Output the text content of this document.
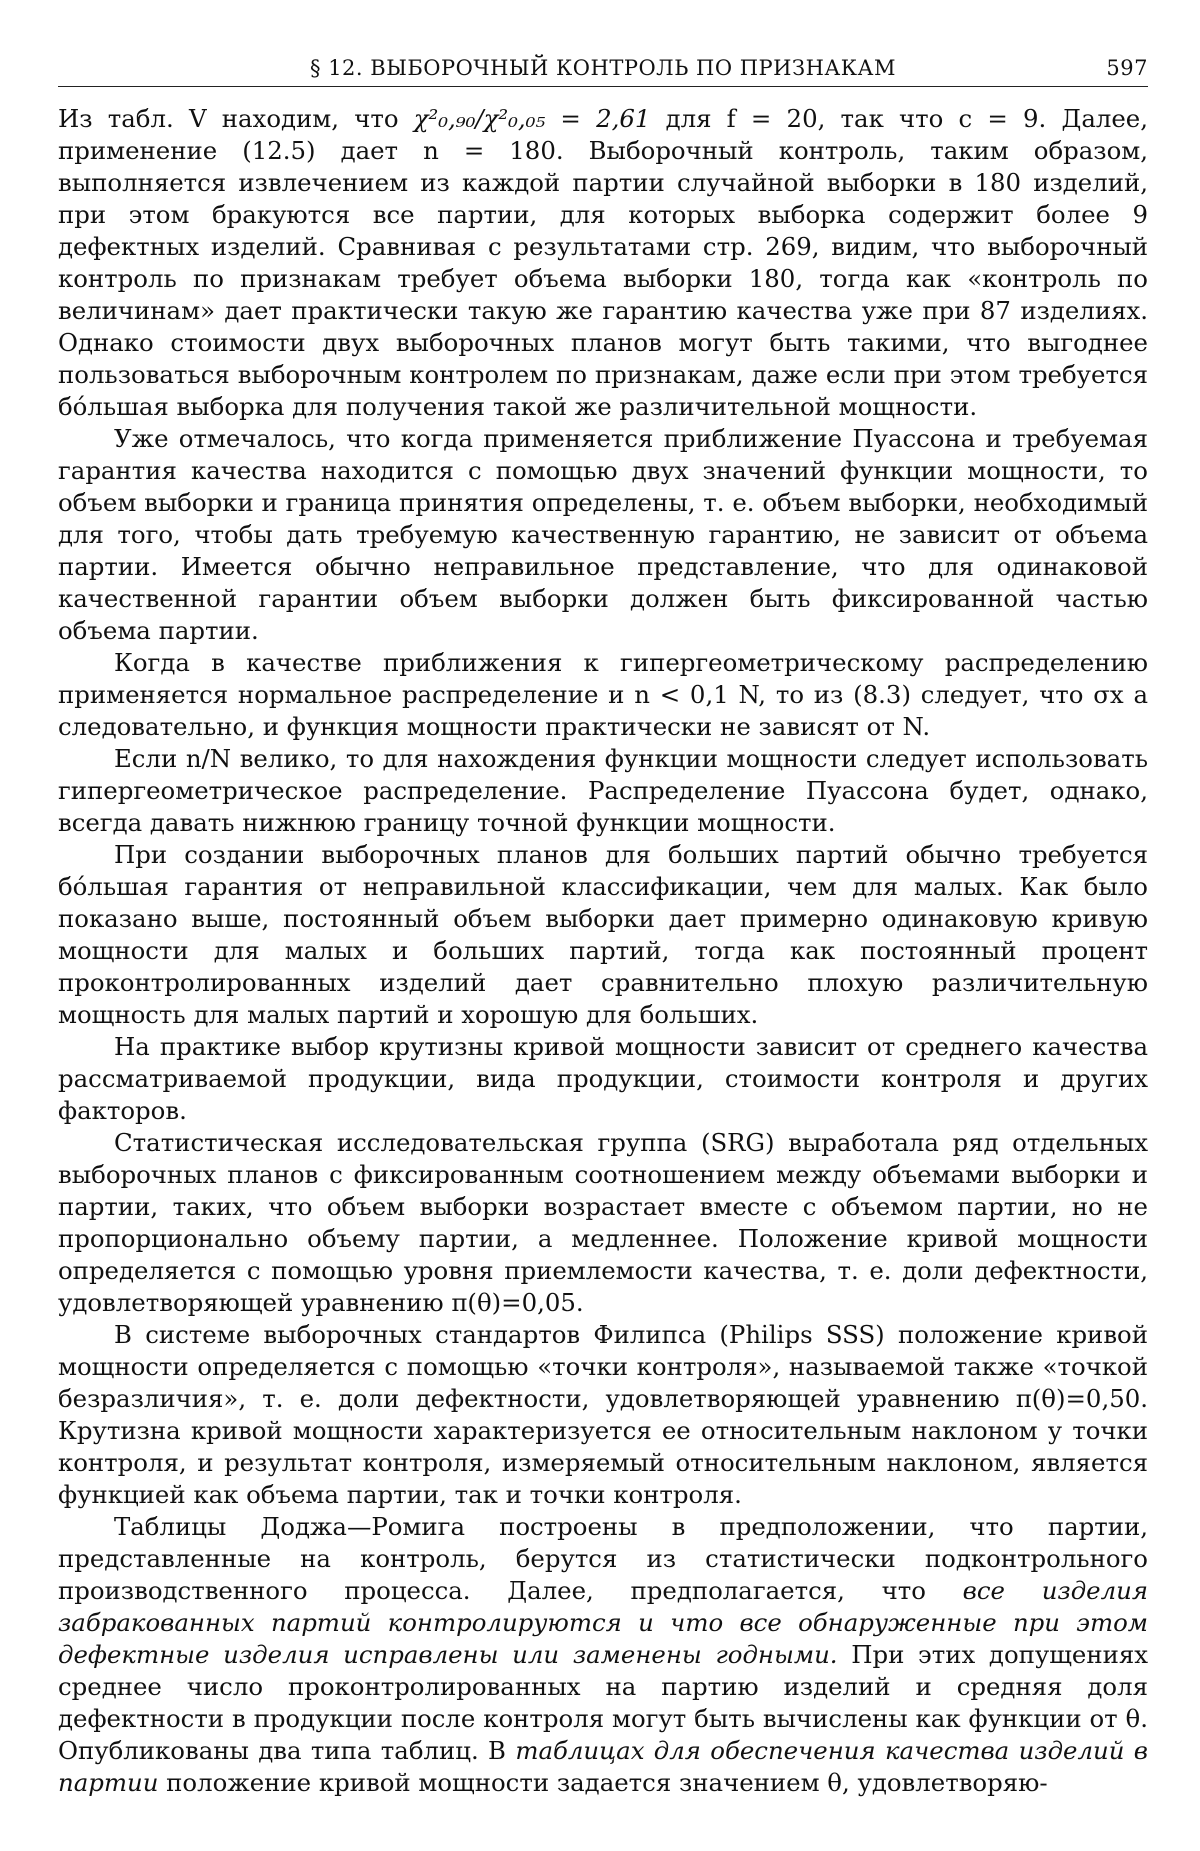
§ 12. ВЫБОРОЧНЫЙ КОНТРОЛЬ ПО ПРИЗНАКАМ	597

Из табл. V находим, что χ²₀,₉₀/χ²₀,₀₅ = 2,61 для f = 20, так что c = 9. Далее, применение (12.5) дает n = 180. Выборочный контроль, таким образом, выполняется извлечением из каждой партии случайной выборки в 180 изделий, при этом бракуются все партии, для которых выборка содержит более 9 дефектных изделий. Сравнивая с результатами стр. 269, видим, что выборочный контроль по признакам требует объема выборки 180, тогда как «контроль по величинам» дает практически такую же гарантию качества уже при 87 изделиях. Однако стоимости двух выборочных планов могут быть такими, что выгоднее пользоваться выборочным контролем по признакам, даже если при этом требуется бо́льшая выборка для получения такой же различительной мощности.

Уже отмечалось, что когда применяется приближение Пуассона и требуемая гарантия качества находится с помощью двух значений функции мощности, то объем выборки и граница принятия определены, т. е. объем выборки, необходимый для того, чтобы дать требуемую качественную гарантию, не зависит от объема партии. Имеется обычно неправильное представление, что для одинаковой качественной гарантии объем выборки должен быть фиксированной частью объема партии.

Когда в качестве приближения к гипергеометрическому распределению применяется нормальное распределение и n < 0,1 N, то из (8.3) следует, что σx а следовательно, и функция мощности практически не зависят от N.

Если n/N велико, то для нахождения функции мощности следует использовать гипергеометрическое распределение. Распределение Пуассона будет, однако, всегда давать нижнюю границу точной функции мощности.

При создании выборочных планов для больших партий обычно требуется бо́льшая гарантия от неправильной классификации, чем для малых. Как было показано выше, постоянный объем выборки дает примерно одинаковую кривую мощности для малых и больших партий, тогда как постоянный процент проконтролированных изделий дает сравнительно плохую различительную мощность для малых партий и хорошую для больших.

На практике выбор крутизны кривой мощности зависит от среднего качества рассматриваемой продукции, вида продукции, стоимости контроля и других факторов.

Статистическая исследовательская группа (SRG) выработала ряд отдельных выборочных планов с фиксированным соотношением между объемами выборки и партии, таких, что объем выборки возрастает вместе с объемом партии, но не пропорционально объему партии, а медленнее. Положение кривой мощности определяется с помощью уровня приемлемости качества, т. е. доли дефектности, удовлетворяющей уравнению π(θ)=0,05.

В системе выборочных стандартов Филипса (Philips SSS) положение кривой мощности определяется с помощью «точки контроля», называемой также «точкой безразличия», т. е. доли дефектности, удовлетворяющей уравнению π(θ)=0,50. Крутизна кривой мощности характеризуется ее относительным наклоном у точки контроля, и результат контроля, измеряемый относительным наклоном, является функцией как объема партии, так и точки контроля.

Таблицы Доджа—Ромига построены в предположении, что партии, представленные на контроль, берутся из статистически подконтрольного производственного процесса. Далее, предполагается, что все изделия забракованных партий контролируются и что все обнаруженные при этом дефектные изделия исправлены или заменены годными. При этих допущениях среднее число проконтролированных на партию изделий и средняя доля дефектности в продукции после контроля могут быть вычислены как функции от θ. Опубликованы два типа таблиц. В таблицах для обеспечения качества изделий в партии положение кривой мощности задается значением θ, удовлетворяю-
